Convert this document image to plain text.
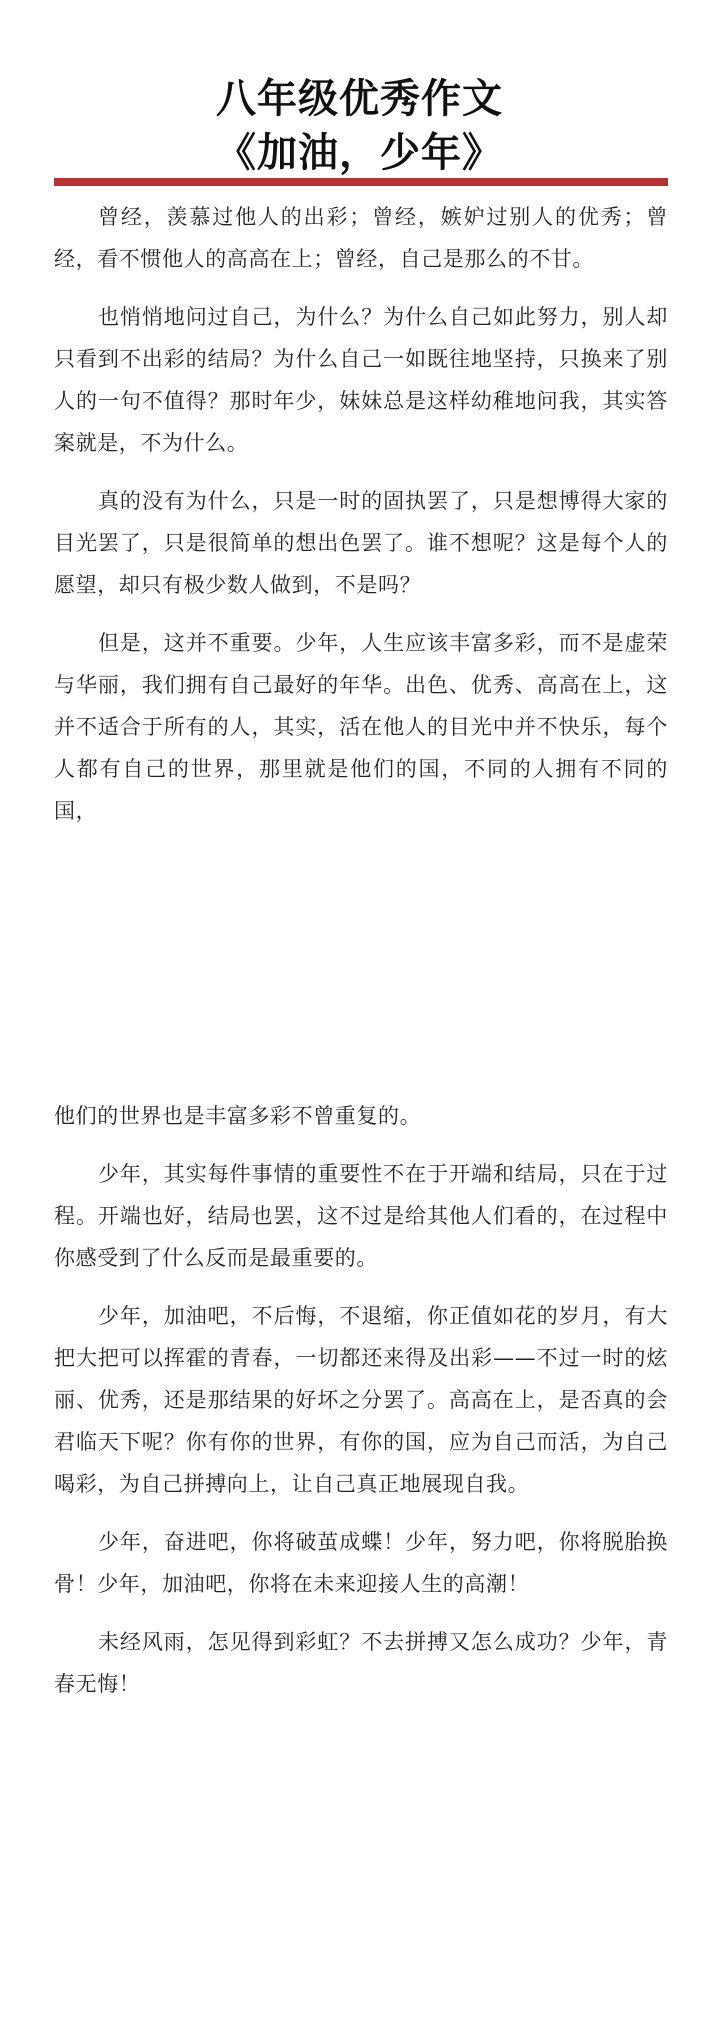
八年级优秀作文
《加油，少年》

曾经，羡慕过他人的出彩；曾经，嫉妒过别人的优秀；曾经，看不惯他人的高高在上；曾经，自己是那么的不甘。

也悄悄地问过自己，为什么？为什么自己如此努力，别人却只看到不出彩的结局？为什么自己一如既往地坚持，只换来了别人的一句不值得？那时年少，妹妹总是这样幼稚地问我，其实答案就是，不为什么。

真的没有为什么，只是一时的固执罢了，只是想博得大家的目光罢了，只是很简单的想出色罢了。谁不想呢？这是每个人的愿望，却只有极少数人做到，不是吗？

但是，这并不重要。少年，人生应该丰富多彩，而不是虚荣与华丽，我们拥有自己最好的年华。出色、优秀、高高在上，这并不适合于所有的人，其实，活在他人的目光中并不快乐，每个人都有自己的世界，那里就是他们的国，不同的人拥有不同的国，

他们的世界也是丰富多彩不曾重复的。

少年，其实每件事情的重要性不在于开端和结局，只在于过程。开端也好，结局也罢，这不过是给其他人们看的，在过程中你感受到了什么反而是最重要的。

少年，加油吧，不后悔，不退缩，你正值如花的岁月，有大把大把可以挥霍的青春，一切都还来得及出彩——不过一时的炫丽、优秀，还是那结果的好坏之分罢了。高高在上，是否真的会君临天下呢？你有你的世界，有你的国，应为自己而活，为自己喝彩，为自己拼搏向上，让自己真正地展现自我。

少年，奋进吧，你将破茧成蝶！少年，努力吧，你将脱胎换骨！少年，加油吧，你将在未来迎接人生的高潮！

未经风雨，怎见得到彩虹？不去拼搏又怎么成功？少年，青春无悔！
